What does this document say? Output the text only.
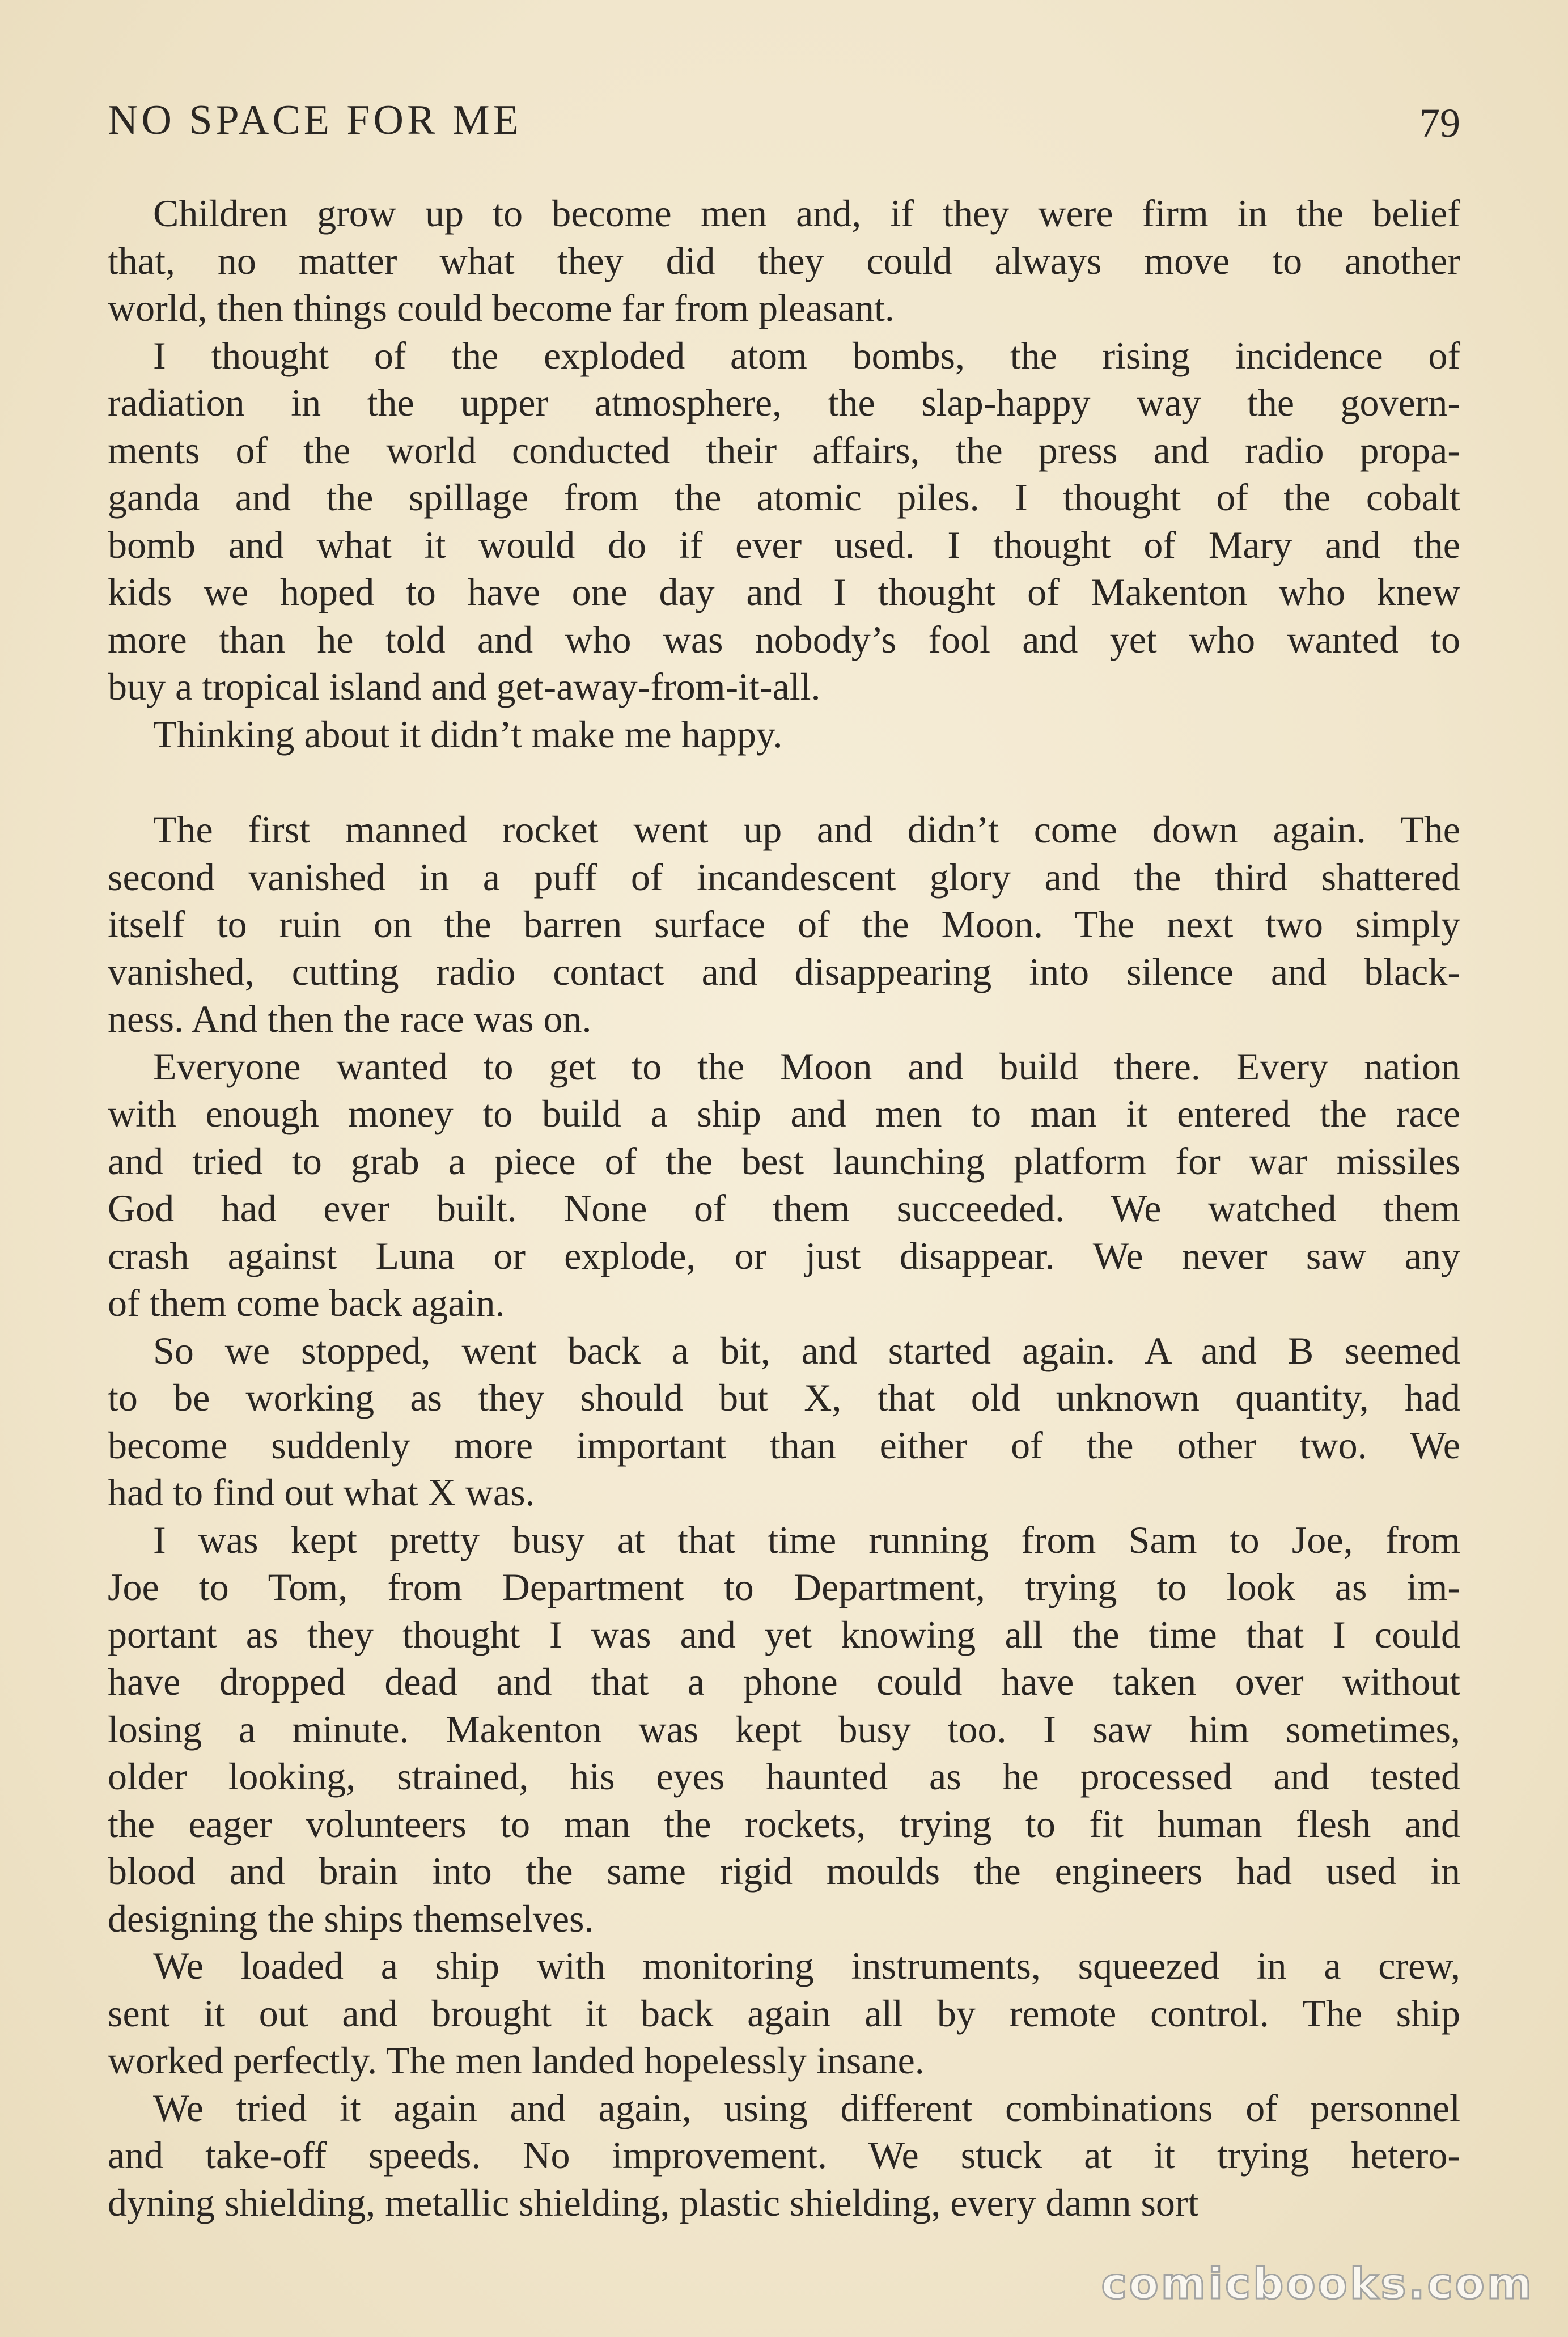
NO SPACE FOR ME	79
Children grow up to become men and, if they were firm in the belief
that, no matter what they did they could always move to another
world, then things could become far from pleasant.
I thought of the exploded atom bombs, the rising incidence of
radiation in the upper atmosphere, the slap-happy way the govern-
ments of the world conducted their affairs, the press and radio propa-
ganda and the spillage from the atomic piles. I thought of the cobalt
bomb and what it would do if ever used. I thought of Mary and the
kids we hoped to have one day and I thought of Makenton who knew
more than he told and who was nobody’s fool and yet who wanted to
buy a tropical island and get-away-from-it-all.
Thinking about it didn’t make me happy.
The first manned rocket went up and didn’t come down again. The
second vanished in a puff of incandescent glory and the third shattered
itself to ruin on the barren surface of the Moon. The next two simply
vanished, cutting radio contact and disappearing into silence and black-
ness. And then the race was on.
Everyone wanted to get to the Moon and build there. Every nation
with enough money to build a ship and men to man it entered the race
and tried to grab a piece of the best launching platform for war missiles
God had ever built. None of them succeeded. We watched them
crash against Luna or explode, or just disappear. We never saw any
of them come back again.
So we stopped, went back a bit, and started again. A and B seemed
to be working as they should but X, that old unknown quantity, had
become suddenly more important than either of the other two. We
had to find out what X was.
I was kept pretty busy at that time running from Sam to Joe, from
Joe to Tom, from Department to Department, trying to look as im-
portant as they thought I was and yet knowing all the time that I could
have dropped dead and that a phone could have taken over without
losing a minute. Makenton was kept busy too. I saw him sometimes,
older looking, strained, his eyes haunted as he processed and tested
the eager volunteers to man the rockets, trying to fit human flesh and
blood and brain into the same rigid moulds the engineers had used in
designing the ships themselves.
We loaded a ship with monitoring instruments, squeezed in a crew,
sent it out and brought it back again all by remote control. The ship
worked perfectly. The men landed hopelessly insane.
We tried it again and again, using different combinations of personnel
and take-off speeds. No improvement. We stuck at it trying hetero-
dyning shielding, metallic shielding, plastic shielding, every damn sort
comicbooks.com
